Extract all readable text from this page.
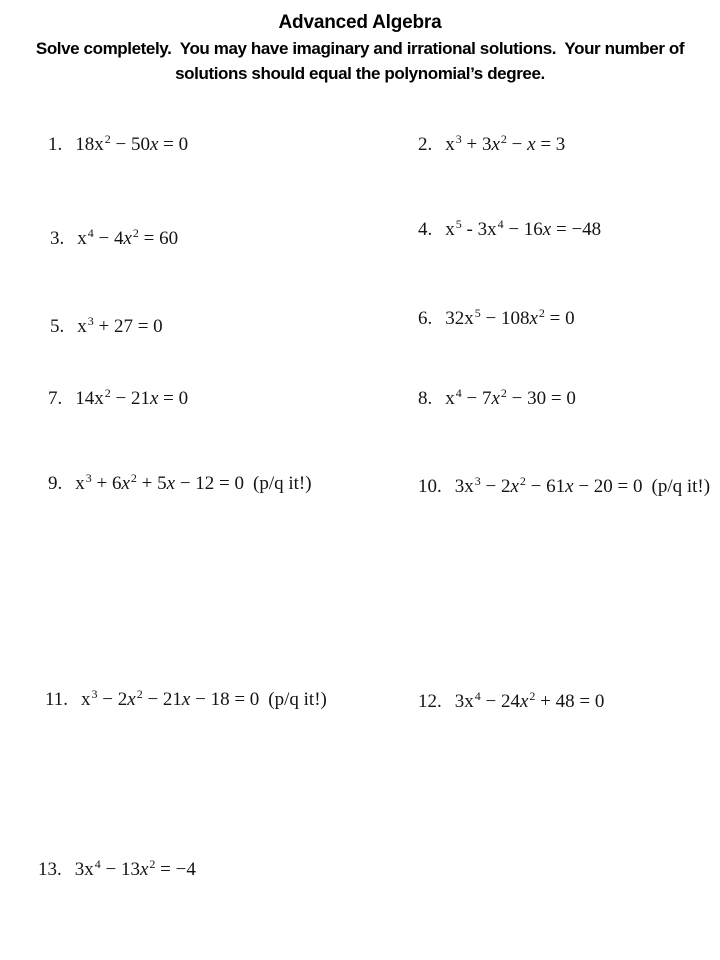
Advanced Algebra
Solve completely.  You may have imaginary and irrational solutions.  Your number of
solutions should equal the polynomial’s degree.
1. $18x^2 - 50x = 0$	2. $x^3 + 3x^2 - x = 3$
3. $x^4 - 4x^2 = 60$	4. $x^5 - 3x^4 - 16x = -48$
5. $x^3 + 27 = 0$	6. $32x^5 - 108x^2 = 0$
7. $14x^2 - 21x = 0$	8. $x^4 - 7x^2 - 30 = 0$
9. $x^3 + 6x^2 + 5x - 12 = 0$ (p/q it!)	10. $3x^3 - 2x^2 - 61x - 20 = 0$ (p/q it!)
11. $x^3 - 2x^2 - 21x - 18 = 0$ (p/q it!)	12. $3x^4 - 24x^2 + 48 = 0$
13. $3x^4 - 13x^2 = -4$
